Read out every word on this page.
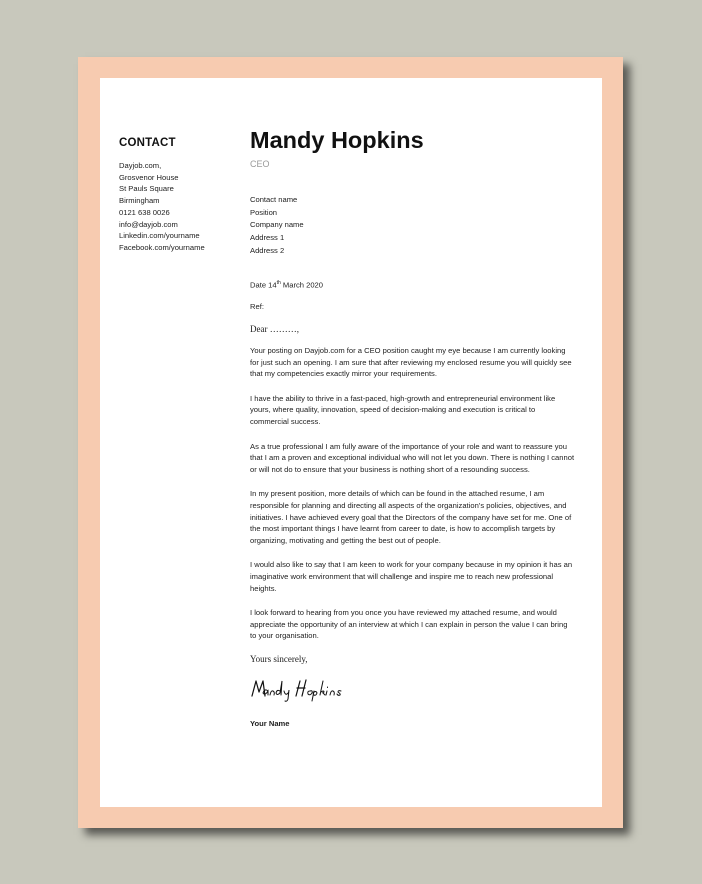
CONTACT
Dayjob.com,
Grosvenor House
St Pauls Square
Birmingham
0121 638 0026
info@dayjob.com
Linkedin.com/yourname
Facebook.com/yourname
Mandy Hopkins
CEO
Contact name
Position
Company name
Address 1
Address 2
Date 14th March 2020
Ref:
Dear ………,

Your posting on Dayjob.com for a CEO position caught my eye because I am currently looking for just such an opening. I am sure that after reviewing my enclosed resume you will quickly see that my competencies exactly mirror your requirements.

I have the ability to thrive in a fast-paced, high-growth and entrepreneurial environment like yours, where quality, innovation, speed of decision-making and execution is critical to commercial success.

As a true professional I am fully aware of the importance of your role and want to reassure you that I am a proven and exceptional individual who will not let you down. There is nothing I cannot or will not do to ensure that your business is nothing short of a resounding success.

In my present position, more details of which can be found in the attached resume, I am responsible for planning and directing all aspects of the organization’s policies, objectives, and initiatives. I have achieved every goal that the Directors of the company have set for me. One of the most important things I have learnt from career to date, is how to accomplish targets by organizing, motivating and getting the best out of people.

I would also like to say that I am keen to work for your company because in my opinion it has an imaginative work environment that will challenge and inspire me to reach new professional heights.

I look forward to hearing from you once you have reviewed my attached resume, and would appreciate the opportunity of an interview at which I can explain in person the value I can bring to your organisation.

Yours sincerely,
Your Name
